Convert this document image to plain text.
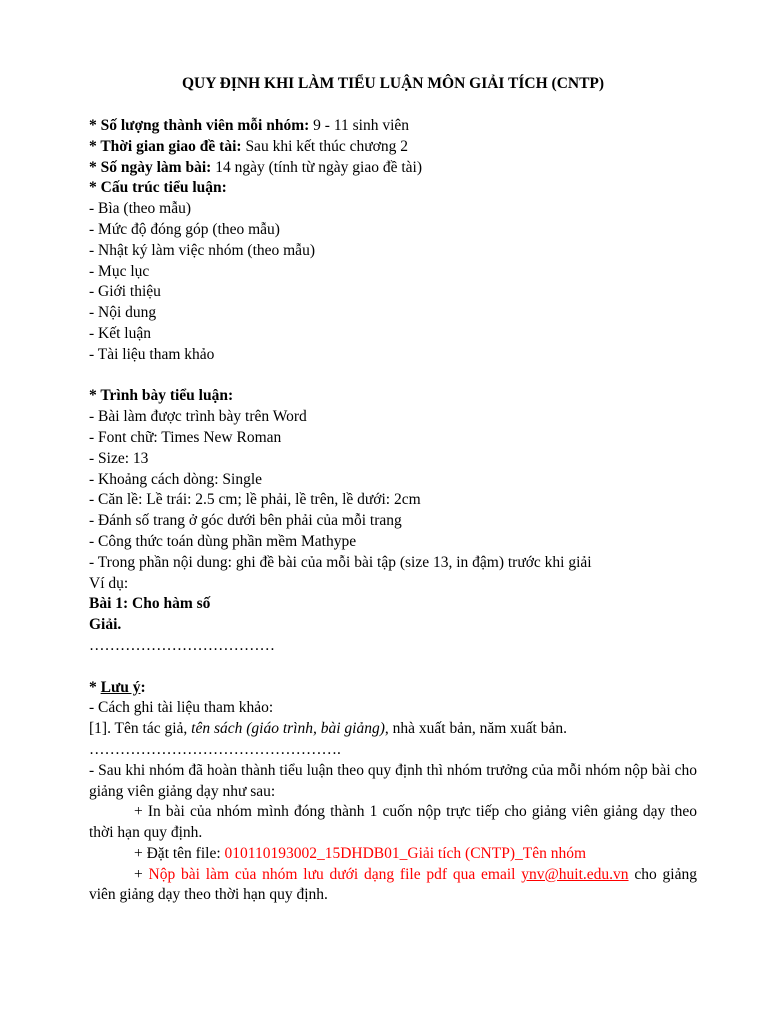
QUY ĐỊNH KHI LÀM TIỂU LUẬN MÔN GIẢI TÍCH (CNTP)
* Số lượng thành viên mỗi nhóm: 9 - 11 sinh viên
* Thời gian giao đề tài: Sau khi kết thúc chương 2
* Số ngày làm bài: 14 ngày (tính từ ngày giao đề tài)
* Cấu trúc tiểu luận:
- Bìa (theo mẫu)
- Mức độ đóng góp (theo mẫu)
- Nhật ký làm việc nhóm (theo mẫu)
- Mục lục
- Giới thiệu
- Nội dung
- Kết luận
- Tài liệu tham khảo
* Trình bày tiểu luận:
- Bài làm được trình bày trên Word
- Font chữ: Times New Roman
- Size: 13
- Khoảng cách dòng: Single
- Căn lề: Lề trái: 2.5 cm; lề phải, lề trên, lề dưới: 2cm
- Đánh số trang ở góc dưới bên phải của mỗi trang
- Công thức toán dùng phần mềm Mathype
- Trong phần nội dung: ghi đề bài của mỗi bài tập (size 13, in đậm) trước khi giải
Ví dụ:
Bài 1: Cho hàm số
Giải.
………………………………
* Lưu ý:
- Cách ghi tài liệu tham khảo:
[1]. Tên tác giả, tên sách (giáo trình, bài giảng), nhà xuất bản, năm xuất bản.
………………………………………….
- Sau khi nhóm đã hoàn thành tiểu luận theo quy định thì nhóm trưởng của mỗi nhóm nộp bài cho giảng viên giảng dạy như sau:
+ In bài của nhóm mình đóng thành 1 cuốn nộp trực tiếp cho giảng viên giảng dạy theo thời hạn quy định.
+ Đặt tên file: 010110193002_15DHDB01_Giải tích (CNTP)_Tên nhóm
+ Nộp bài làm của nhóm lưu dưới dạng file pdf qua email ynv@huit.edu.vn cho giảng viên giảng dạy theo thời hạn quy định.
